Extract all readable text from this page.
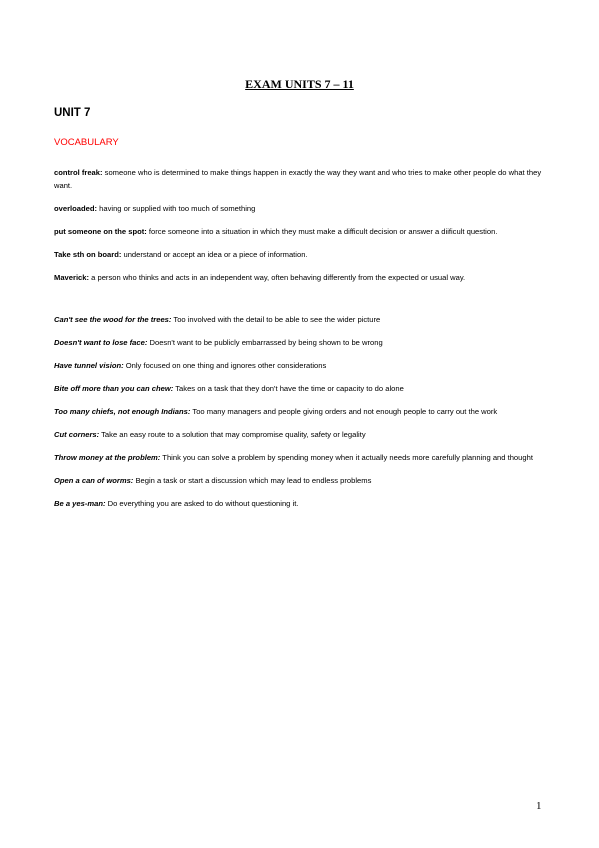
EXAM UNITS 7 – 11
UNIT 7
VOCABULARY

control freak: someone who is determined to make things happen in exactly the way they want and who tries to make other people do what they want.

overloaded: having or supplied with too much of something

put someone on the spot: force someone into a situation in which they must make a difficult decision or answer a diificult question.

Take sth on board: understand or accept an idea or a piece of information.

Maverick: a person who thinks and acts in an independent way, often behaving differently from the expected or usual way.

Can't see the wood for the trees: Too involved with the detail to be able to see the wider picture

Doesn't want to lose face: Doesn't want to be publicly embarrassed by being shown to be wrong

Have tunnel vision: Only focused on one thing and ignores other considerations

Bite off more than you can chew: Takes on a task that they don't have the time or capacity to do alone

Too many chiefs, not enough Indians: Too many managers and people giving orders and not enough people to carry out the work

Cut corners: Take an easy route to a solution that may compromise quality, safety or legality

Throw money at the problem: Think you can solve a problem by spending money when it actually needs more carefully planning and thought

Open a can of worms: Begin a task or start a discussion which may lead to endless problems

Be a yes-man: Do everything you are asked to do without questioning it.

1
